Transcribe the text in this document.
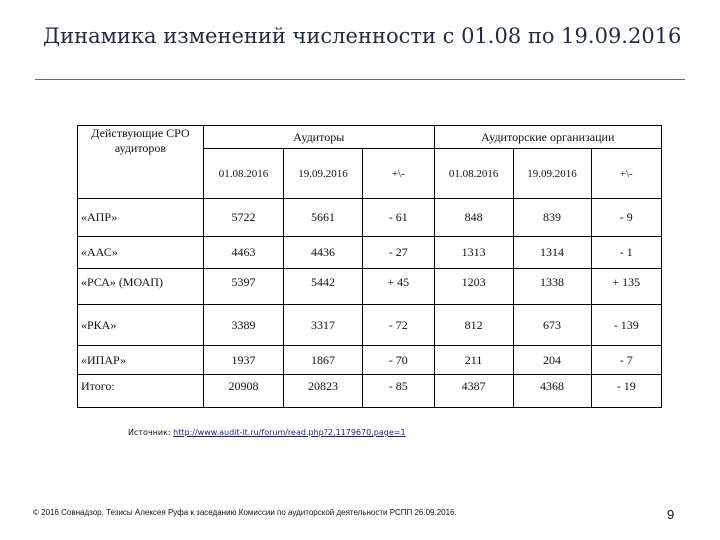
Динамика изменений численности с 01.08 по 19.09.2016
Действующие СРО аудиторов	Аудиторы			Аудиторские организации		
	01.08.2016	19.09.2016	+\-	01.08.2016	19.09.2016	+\-
«АПР»	5722	5661	- 61	848	839	- 9
«ААС»	4463	4436	- 27	1313	1314	- 1
«РСА» (МОАП)	5397	5442	+ 45	1203	1338	+ 135
«РКА»	3389	3317	- 72	812	673	- 139
«ИПАР»	1937	1867	- 70	211	204	- 7
Итого:	20908	20823	- 85	4387	4368	- 19
Источник: http://www.audit-it.ru/forum/read.php?2,1179670,page=1
© 2016 Совнадзор. Тезисы Алексея Руфа к заседанию Комиссии по аудиторской деятельности РСПП 26.09.2016.	9
